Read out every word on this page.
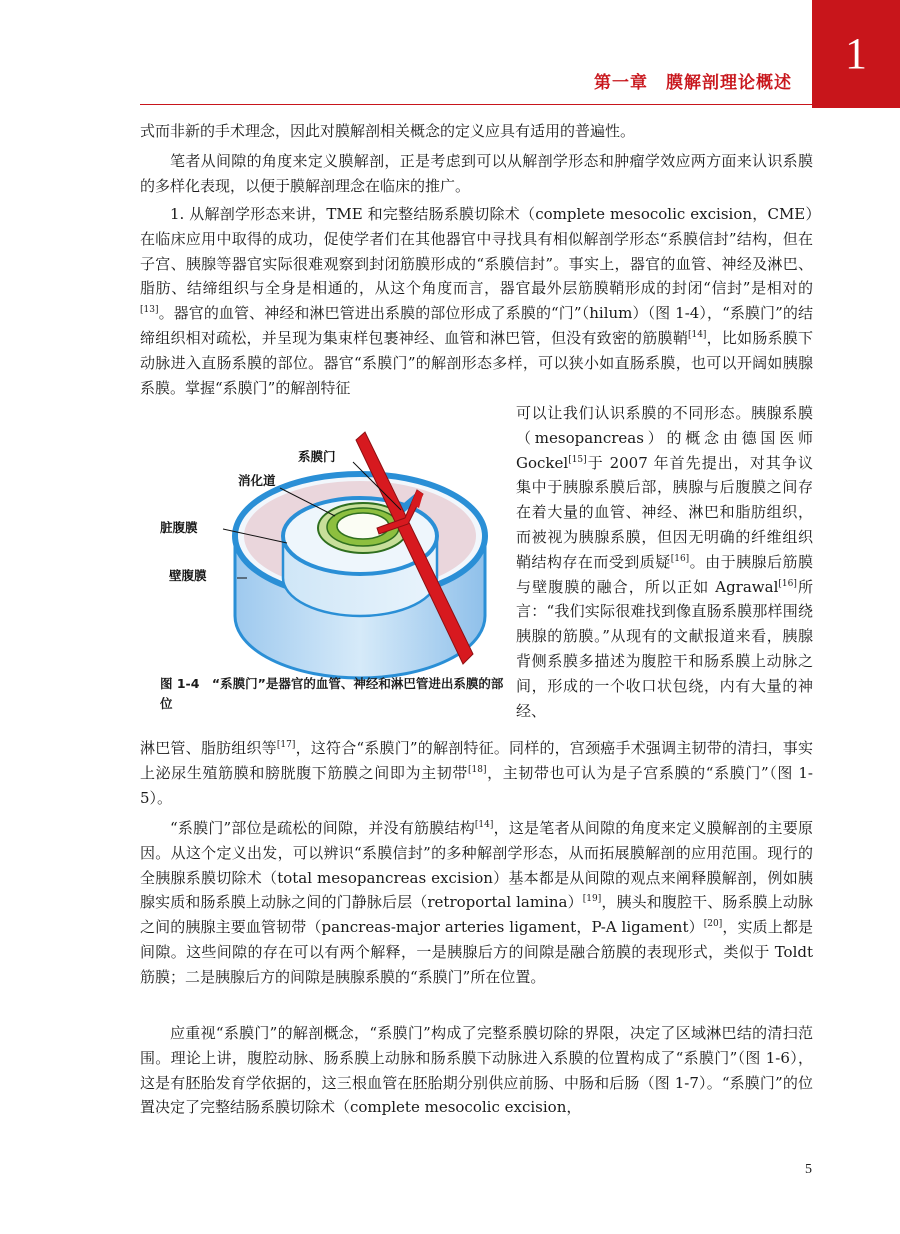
1
第一章　膜解剖理论概述

式而非新的手术理念，因此对膜解剖相关概念的定义应具有适用的普遍性。

笔者从间隙的角度来定义膜解剖，正是考虑到可以从解剖学形态和肿瘤学效应两方面来认识系膜的多样化表现，以便于膜解剖理念在临床的推广。

1. 从解剖学形态来讲，TME 和完整结肠系膜切除术（complete mesocolic excision，CME）在临床应用中取得的成功，促使学者们在其他器官中寻找具有相似解剖学形态“系膜信封”结构，但在子宫、胰腺等器官实际很难观察到封闭筋膜形成的“系膜信封”。事实上，器官的血管、神经及淋巴、脂肪、结缔组织与全身是相通的，从这个角度而言，器官最外层筋膜鞘形成的封闭“信封”是相对的[13]。器官的血管、神经和淋巴管进出系膜的部位形成了系膜的“门”（hilum）（图 1-4），“系膜门”的结缔组织相对疏松，并呈现为集束样包裹神经、血管和淋巴管，但没有致密的筋膜鞘[14]，比如肠系膜下动脉进入直肠系膜的部位。器官“系膜门”的解剖形态多样，可以狭小如直肠系膜，也可以开阔如胰腺系膜。掌握“系膜门”的解剖特征

可以让我们认识系膜的不同形态。胰腺系膜（mesopancreas）的概念由德国医师 Gockel[15]于 2007 年首先提出，对其争议集中于胰腺系膜后部，胰腺与后腹膜之间存在着大量的血管、神经、淋巴和脂肪组织，而被视为胰腺系膜，但因无明确的纤维组织鞘结构存在而受到质疑[16]。由于胰腺后筋膜与壁腹膜的融合，所以正如 Agrawal[16]所言：“我们实际很难找到像直肠系膜那样围绕胰腺的筋膜。”从现有的文献报道来看，胰腺背侧系膜多描述为腹腔干和肠系膜上动脉之间，形成的一个收口状包绕，内有大量的神经、

系膜门
消化道
脏腹膜
壁腹膜

图 1-4　“系膜门”是器官的血管、神经和淋巴管进出系膜的部位

淋巴管、脂肪组织等[17]，这符合“系膜门”的解剖特征。同样的，宫颈癌手术强调主韧带的清扫，事实上泌尿生殖筋膜和膀胱腹下筋膜之间即为主韧带[18]，主韧带也可认为是子宫系膜的“系膜门”（图 1-5）。

“系膜门”部位是疏松的间隙，并没有筋膜结构[14]，这是笔者从间隙的角度来定义膜解剖的主要原因。从这个定义出发，可以辨识“系膜信封”的多种解剖学形态，从而拓展膜解剖的应用范围。现行的全胰腺系膜切除术（total mesopancreas excision）基本都是从间隙的观点来阐释膜解剖，例如胰腺实质和肠系膜上动脉之间的门静脉后层（retroportal lamina）[19]，胰头和腹腔干、肠系膜上动脉之间的胰腺主要血管韧带（pancreas-major arteries ligament，P-A ligament）[20]，实质上都是间隙。这些间隙的存在可以有两个解释，一是胰腺后方的间隙是融合筋膜的表现形式，类似于 Toldt 筋膜；二是胰腺后方的间隙是胰腺系膜的“系膜门”所在位置。

应重视“系膜门”的解剖概念，“系膜门”构成了完整系膜切除的界限，决定了区域淋巴结的清扫范围。理论上讲，腹腔动脉、肠系膜上动脉和肠系膜下动脉进入系膜的位置构成了“系膜门”（图 1-6），这是有胚胎发育学依据的，这三根血管在胚胎期分别供应前肠、中肠和后肠（图 1-7）。“系膜门”的位置决定了完整结肠系膜切除术（complete mesocolic excision，

5
